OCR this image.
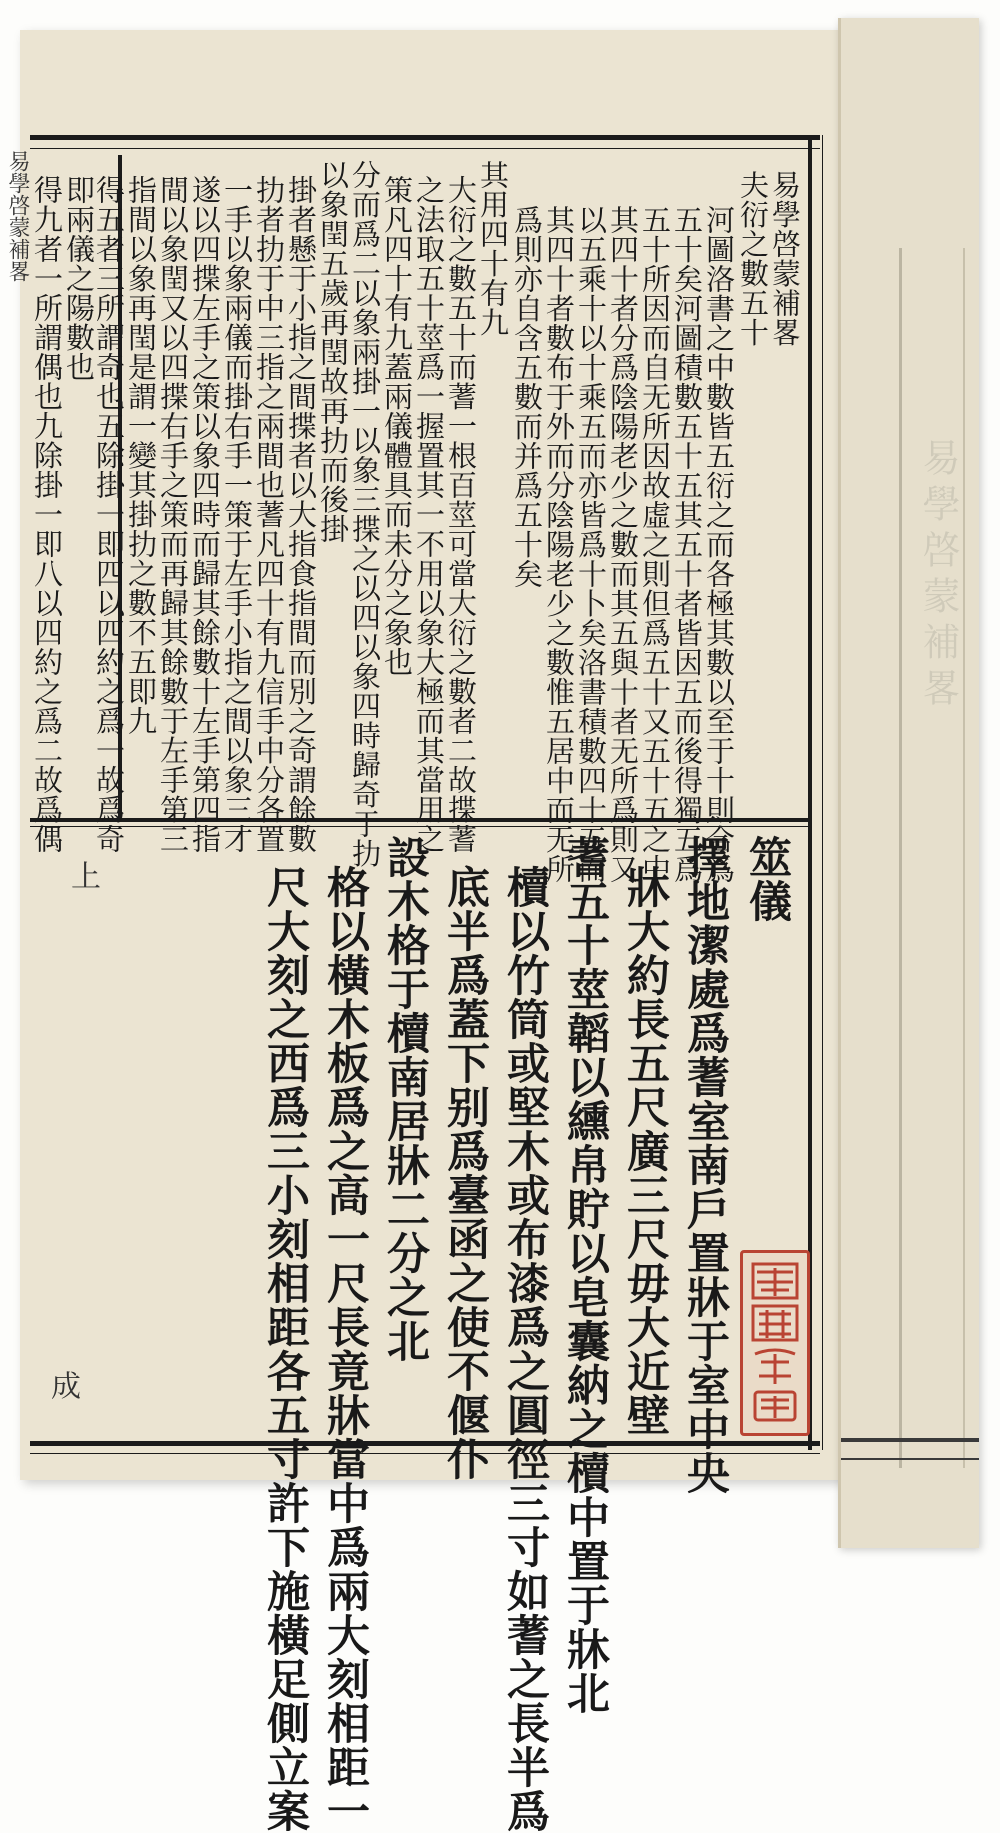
易學啓蒙補畧
易學啓蒙補畧
夫衍之數五十
河圖洛書之中數皆五衍之而各極其數以至于十則合爲
五十矣河圖積數五十五其五十者皆因五而後得獨五爲
五十所因而自无所因故虛之則但爲五十又五十五之中
其四十者分爲陰陽老少之數而其五與十者无所爲則又
以五乘十以十乘五而亦皆爲十卜矣洛書積數四十五而
其四十者數布于外而分陰陽老少之數惟五居中而无所
爲則亦自含五數而并爲五十矣
其用四十有九
大衍之數五十而蓍一根百莖可當大衍之數者二故揲蓍
之法取五十莖爲一握置其一不用以象大極而其當用之
策凡四十有九蓋兩儀體具而未分之象也
分而爲二以象兩掛一以象三揲之以四以象四時歸奇于扐
以象閏五歲再閏故再扐而後掛
掛者懸于小指之間揲者以大指食指間而別之奇謂餘數
扐者扐于中三指之兩間也蓍凡四十有九信手中分各置
一手以象兩儀而掛右手一策于左手小指之間以象三才
遂以四揲左手之策以象四時而歸其餘數十左手第四指
間以象閏又以四揲右手之策而再歸其餘數于左手第三
指間以象再閏是謂一變其掛扐之數不五即九
得五者三所謂奇也五除掛一即四以四約之爲一故爲奇
即兩儀之陽數也
得九者一所謂偶也九除掛一即八以四約之爲二故爲偶
易學啓蒙補畧
筮儀
擇地潔處爲蓍室南戶置牀于室中央
牀大約長五尺廣三尺毋大近壁
蓍五十莖韜以纁帛貯以皂囊納之櫝中置于牀北
櫝以竹筒或堅木或布漆爲之圓徑三寸如蓍之長半爲
底半爲蓋下别爲臺函之使不偃仆
設木格于櫝南居牀二分之北
格以橫木板爲之高一尺長竟牀當中爲兩大刻相距一
尺大刻之西爲三小刻相距各五寸許下施橫足側立案
上
成
